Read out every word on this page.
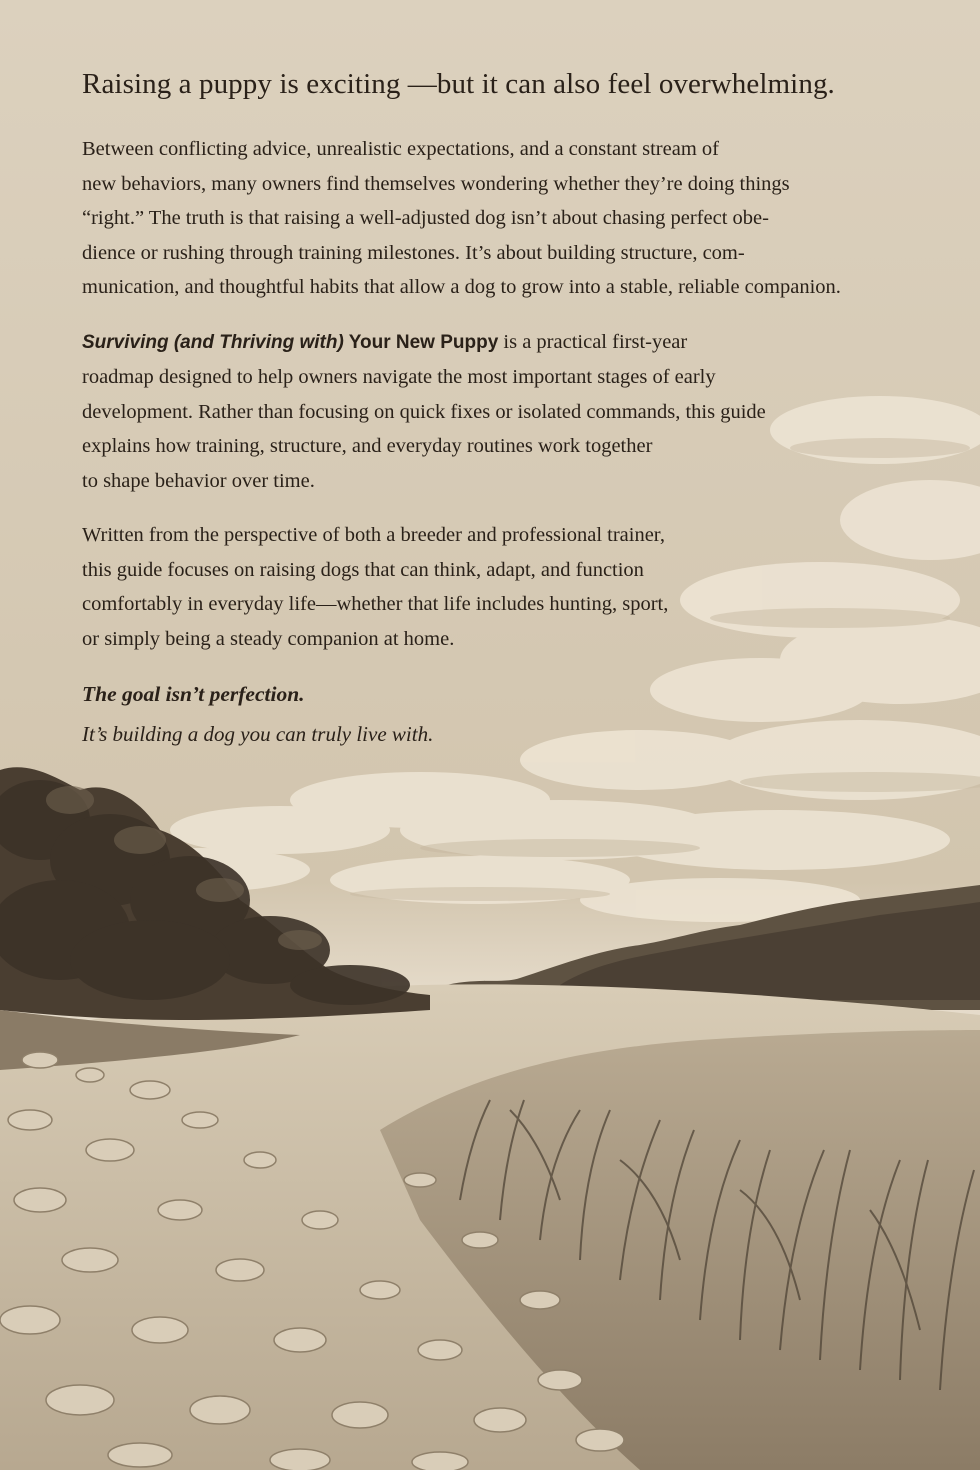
Raising a puppy is exciting —but it can also feel overwhelming.

Between conflicting advice, unrealistic expectations, and a constant stream of
new behaviors, many owners find themselves wondering whether they’re doing things
“right.” The truth is that raising a well-adjusted dog isn’t about chasing perfect obe-
dience or rushing through training milestones. It’s about building structure, com-
munication, and thoughtful habits that allow a dog to grow into a stable, reliable companion.

Surviving (and Thriving with) Your New Puppy is a practical first-year
roadmap designed to help owners navigate the most important stages of early
development. Rather than focusing on quick fixes or isolated commands, this guide
explains how training, structure, and everyday routines work together
to shape behavior over time.

Written from the perspective of both a breeder and professional trainer,
this guide focuses on raising dogs that can think, adapt, and function
comfortably in everyday life—whether that life includes hunting, sport,
or simply being a steady companion at home.

The goal isn’t perfection.

It’s building a dog you can truly live with.
